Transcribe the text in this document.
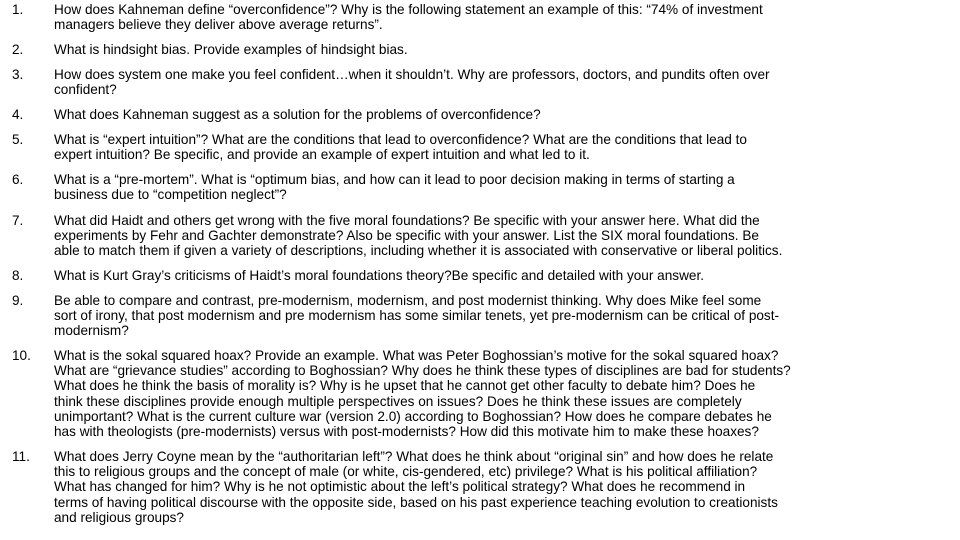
1.	How does Kahneman define “overconfidence”? Why is the following statement an example of this: “74% of investment
managers believe they deliver above average returns”.
2.	What is hindsight bias. Provide examples of hindsight bias.
3.	How does system one make you feel confident…when it shouldn’t. Why are professors, doctors, and pundits often over
confident?
4.	What does Kahneman suggest as a solution for the problems of overconfidence?
5.	What is “expert intuition”? What are the conditions that lead to overconfidence? What are the conditions that lead to
expert intuition? Be specific, and provide an example of expert intuition and what led to it.
6.	What is a “pre-mortem”. What is “optimum bias, and how can it lead to poor decision making in terms of starting a
business due to “competition neglect”?
7.	What did Haidt and others get wrong with the five moral foundations? Be specific with your answer here. What did the
experiments by Fehr and Gachter demonstrate? Also be specific with your answer. List the SIX moral foundations. Be
able to match them if given a variety of descriptions, including whether it is associated with conservative or liberal politics.
8.	What is Kurt Gray’s criticisms of Haidt’s moral foundations theory?Be specific and detailed with your answer.
9.	Be able to compare and contrast, pre-modernism, modernism, and post modernist thinking. Why does Mike feel some
sort of irony, that post modernism and pre modernism has some similar tenets, yet pre-modernism can be critical of post-
modernism?
10.	What is the sokal squared hoax? Provide an example. What was Peter Boghossian’s motive for the sokal squared hoax?
What are “grievance studies” according to Boghossian? Why does he think these types of disciplines are bad for students?
What does he think the basis of morality is? Why is he upset that he cannot get other faculty to debate him? Does he
think these disciplines provide enough multiple perspectives on issues? Does he think these issues are completely
unimportant? What is the current culture war (version 2.0) according to Boghossian? How does he compare debates he
has with theologists (pre-modernists) versus with post-modernists? How did this motivate him to make these hoaxes?
11.	What does Jerry Coyne mean by the “authoritarian left”? What does he think about “original sin” and how does he relate
this to religious groups and the concept of male (or white, cis-gendered, etc) privilege? What is his political affiliation?
What has changed for him? Why is he not optimistic about the left’s political strategy? What does he recommend in
terms of having political discourse with the opposite side, based on his past experience teaching evolution to creationists
and religious groups?
